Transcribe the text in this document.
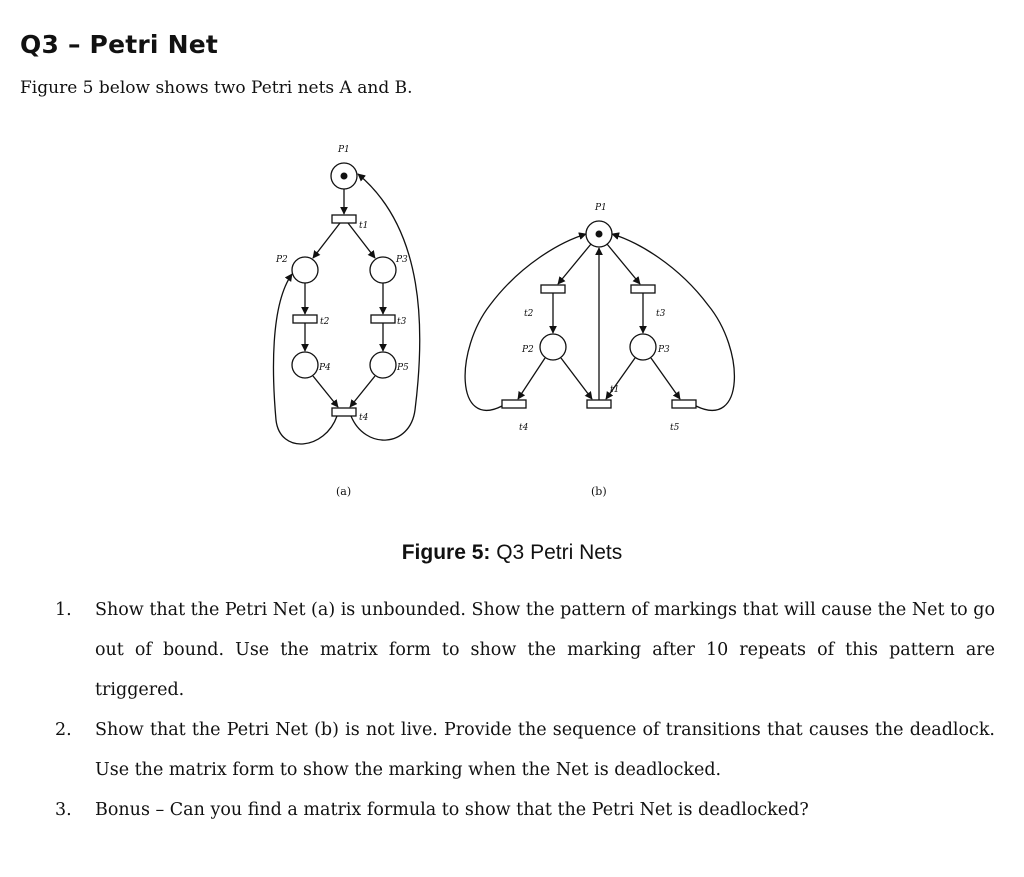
Q3 – Petri Net
Figure 5 below shows two Petri nets A and B.
P1
P2	P3
P4	P5
t1
t2	t3
t4
(a)
P1
P2	P3
t1
t2	t3
t4	t5
(b)
Figure 5: Q3 Petri Nets
1. Show that the Petri Net (a) is unbounded. Show the pattern of markings that will cause the Net to go out of bound. Use the matrix form to show the marking after 10 repeats of this pattern are triggered.
2. Show that the Petri Net (b) is not live. Provide the sequence of transitions that causes the deadlock. Use the matrix form to show the marking when the Net is deadlocked.
3. Bonus – Can you find a matrix formula to show that the Petri Net is deadlocked?
